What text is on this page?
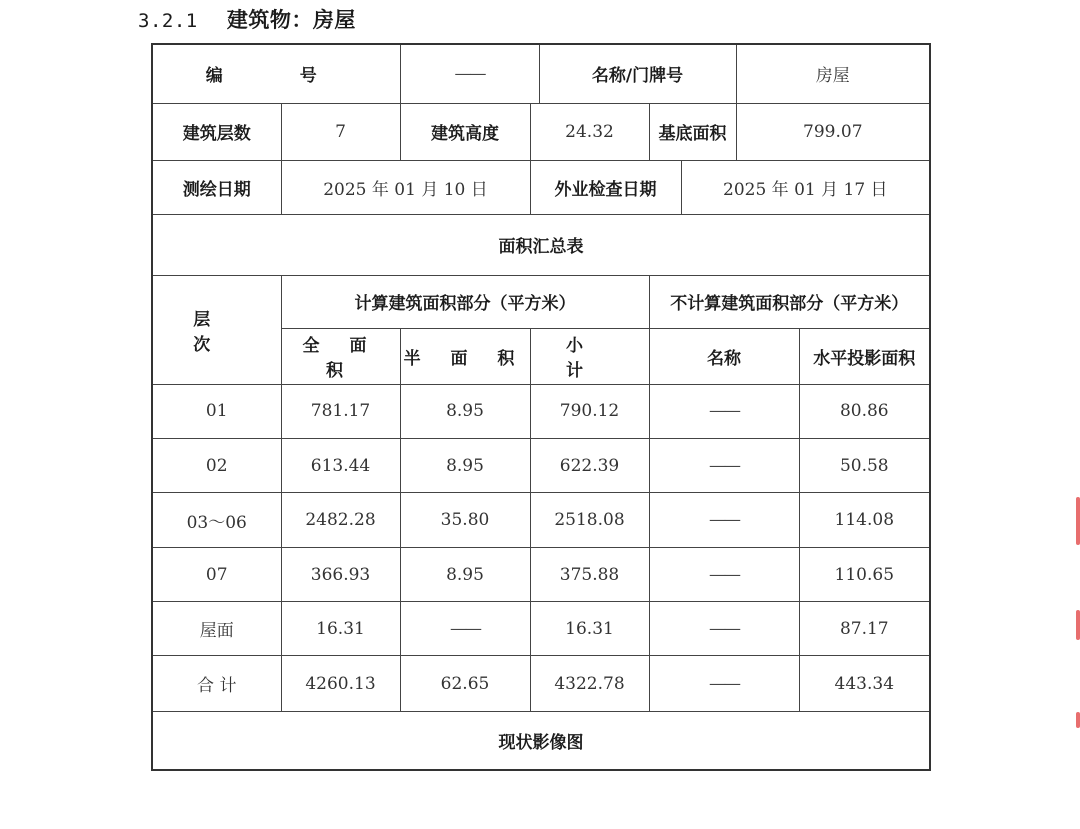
3.2.1 建筑物：房屋
编　号		——		名称/门牌号			房屋	
建筑层数	7	建筑高度	24.32		基底面积		799.07	
测绘日期	2025 年 01 月 10 日		外业检查日期			2025 年 01 月 17 日		
面积汇总表								
层　次	计算建筑面积部分（平方米）				不计算建筑面积部分（平方米）			
	全 面 积	半 面 积	小　计		名称			水平投影面积
01	781.17	8.95	790.12		——			80.86
02	613.44	8.95	622.39		——			50.58
03～06	2482.28	35.80	2518.08		——			114.08
07	366.93	8.95	375.88		——			110.65
屋面	16.31	——	16.31		——			87.17
合 计	4260.13	62.65	4322.78		——			443.34
现状影像图								
